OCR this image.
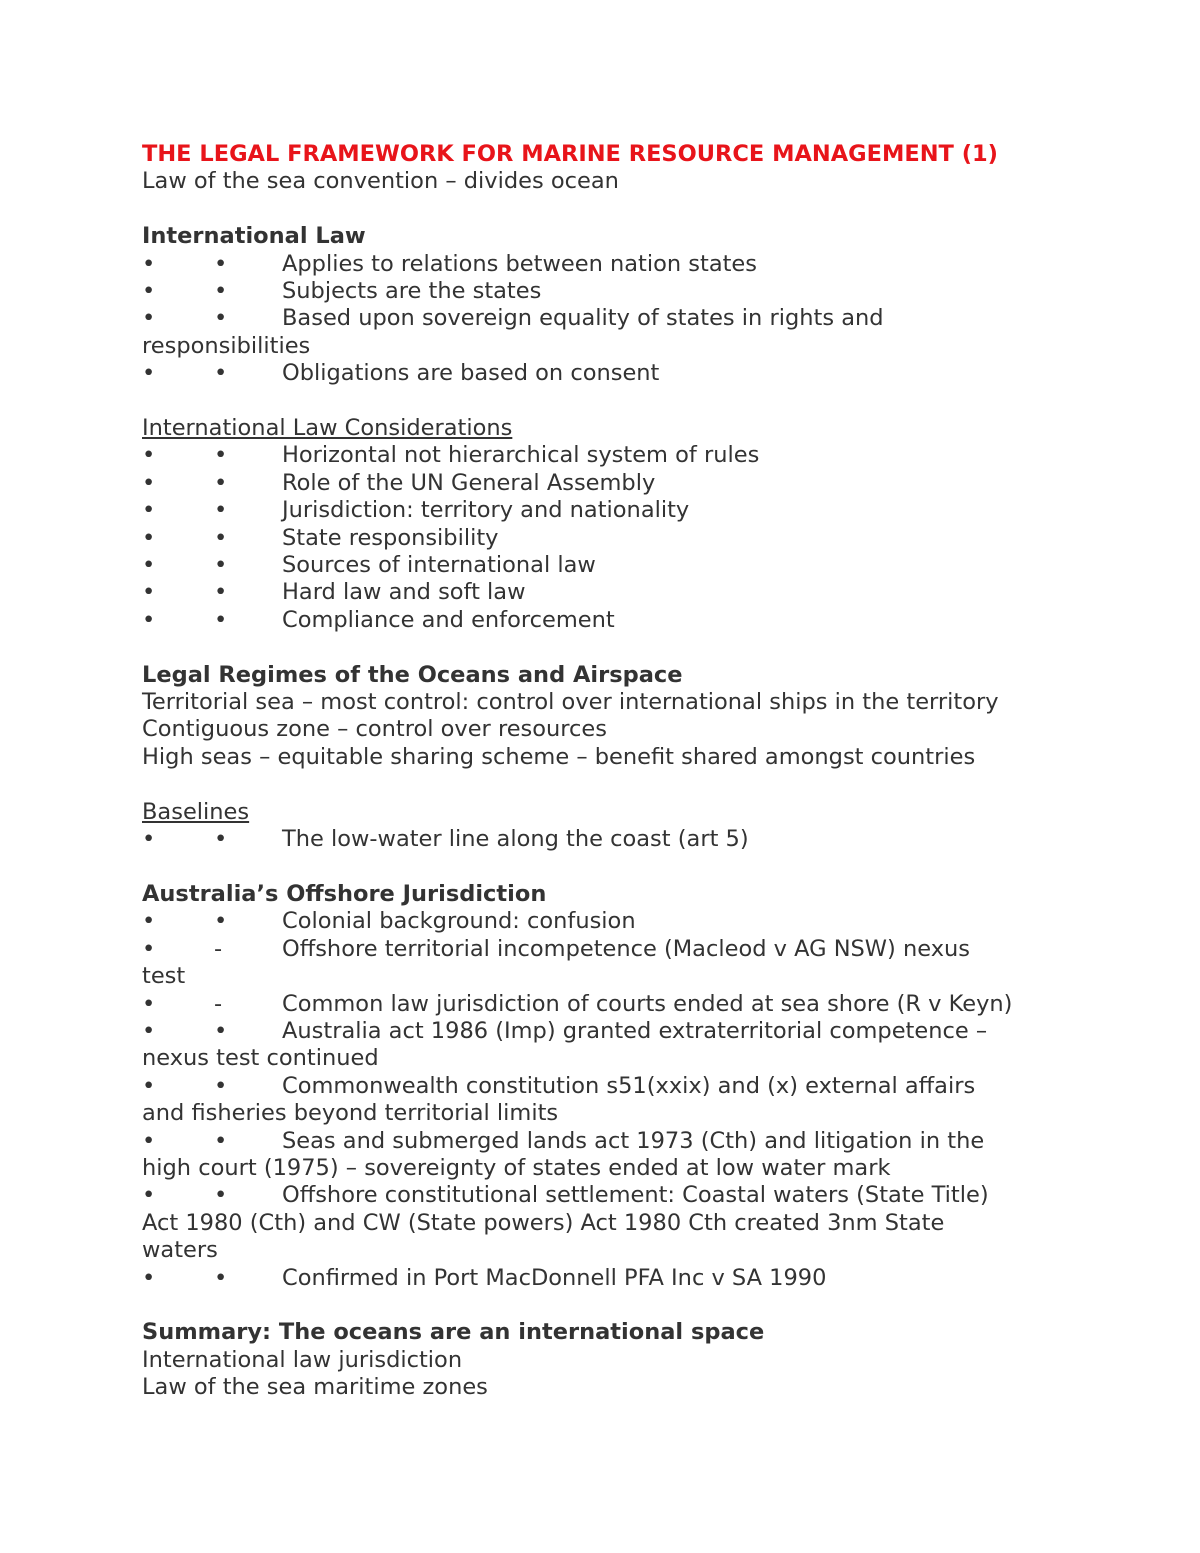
THE LEGAL FRAMEWORK FOR MARINE RESOURCE MANAGEMENT (1)
Law of the sea convention – divides ocean
International Law
•	• Applies to relations between nation states
•	• Subjects are the states
•	• Based upon sovereign equality of states in rights and
responsibilities
•	• Obligations are based on consent
International Law Considerations
•	• Horizontal not hierarchical system of rules
•	• Role of the UN General Assembly
•	• Jurisdiction: territory and nationality
•	• State responsibility
•	• Sources of international law
•	• Hard law and soft law
•	• Compliance and enforcement
Legal Regimes of the Oceans and Airspace
Territorial sea – most control: control over international ships in the territory
Contiguous zone – control over resources
High seas – equitable sharing scheme – benefit shared amongst countries
Baselines
•	• The low-water line along the coast (art 5)
Australia’s Offshore Jurisdiction
•	• Colonial background: confusion
•	-	Offshore territorial incompetence (Macleod v AG NSW) nexus
test
•	-	Common law jurisdiction of courts ended at sea shore (R v Keyn)
•	• Australia act 1986 (Imp) granted extraterritorial competence –
nexus test continued
•	• Commonwealth constitution s51(xxix) and (x) external affairs
and fisheries beyond territorial limits
•	• Seas and submerged lands act 1973 (Cth) and litigation in the
high court (1975) – sovereignty of states ended at low water mark
•	• Offshore constitutional settlement: Coastal waters (State Title)
Act 1980 (Cth) and CW (State powers) Act 1980 Cth created 3nm State
waters
•	• Confirmed in Port MacDonnell PFA Inc v SA 1990
Summary: The oceans are an international space
International law jurisdiction
Law of the sea maritime zones
